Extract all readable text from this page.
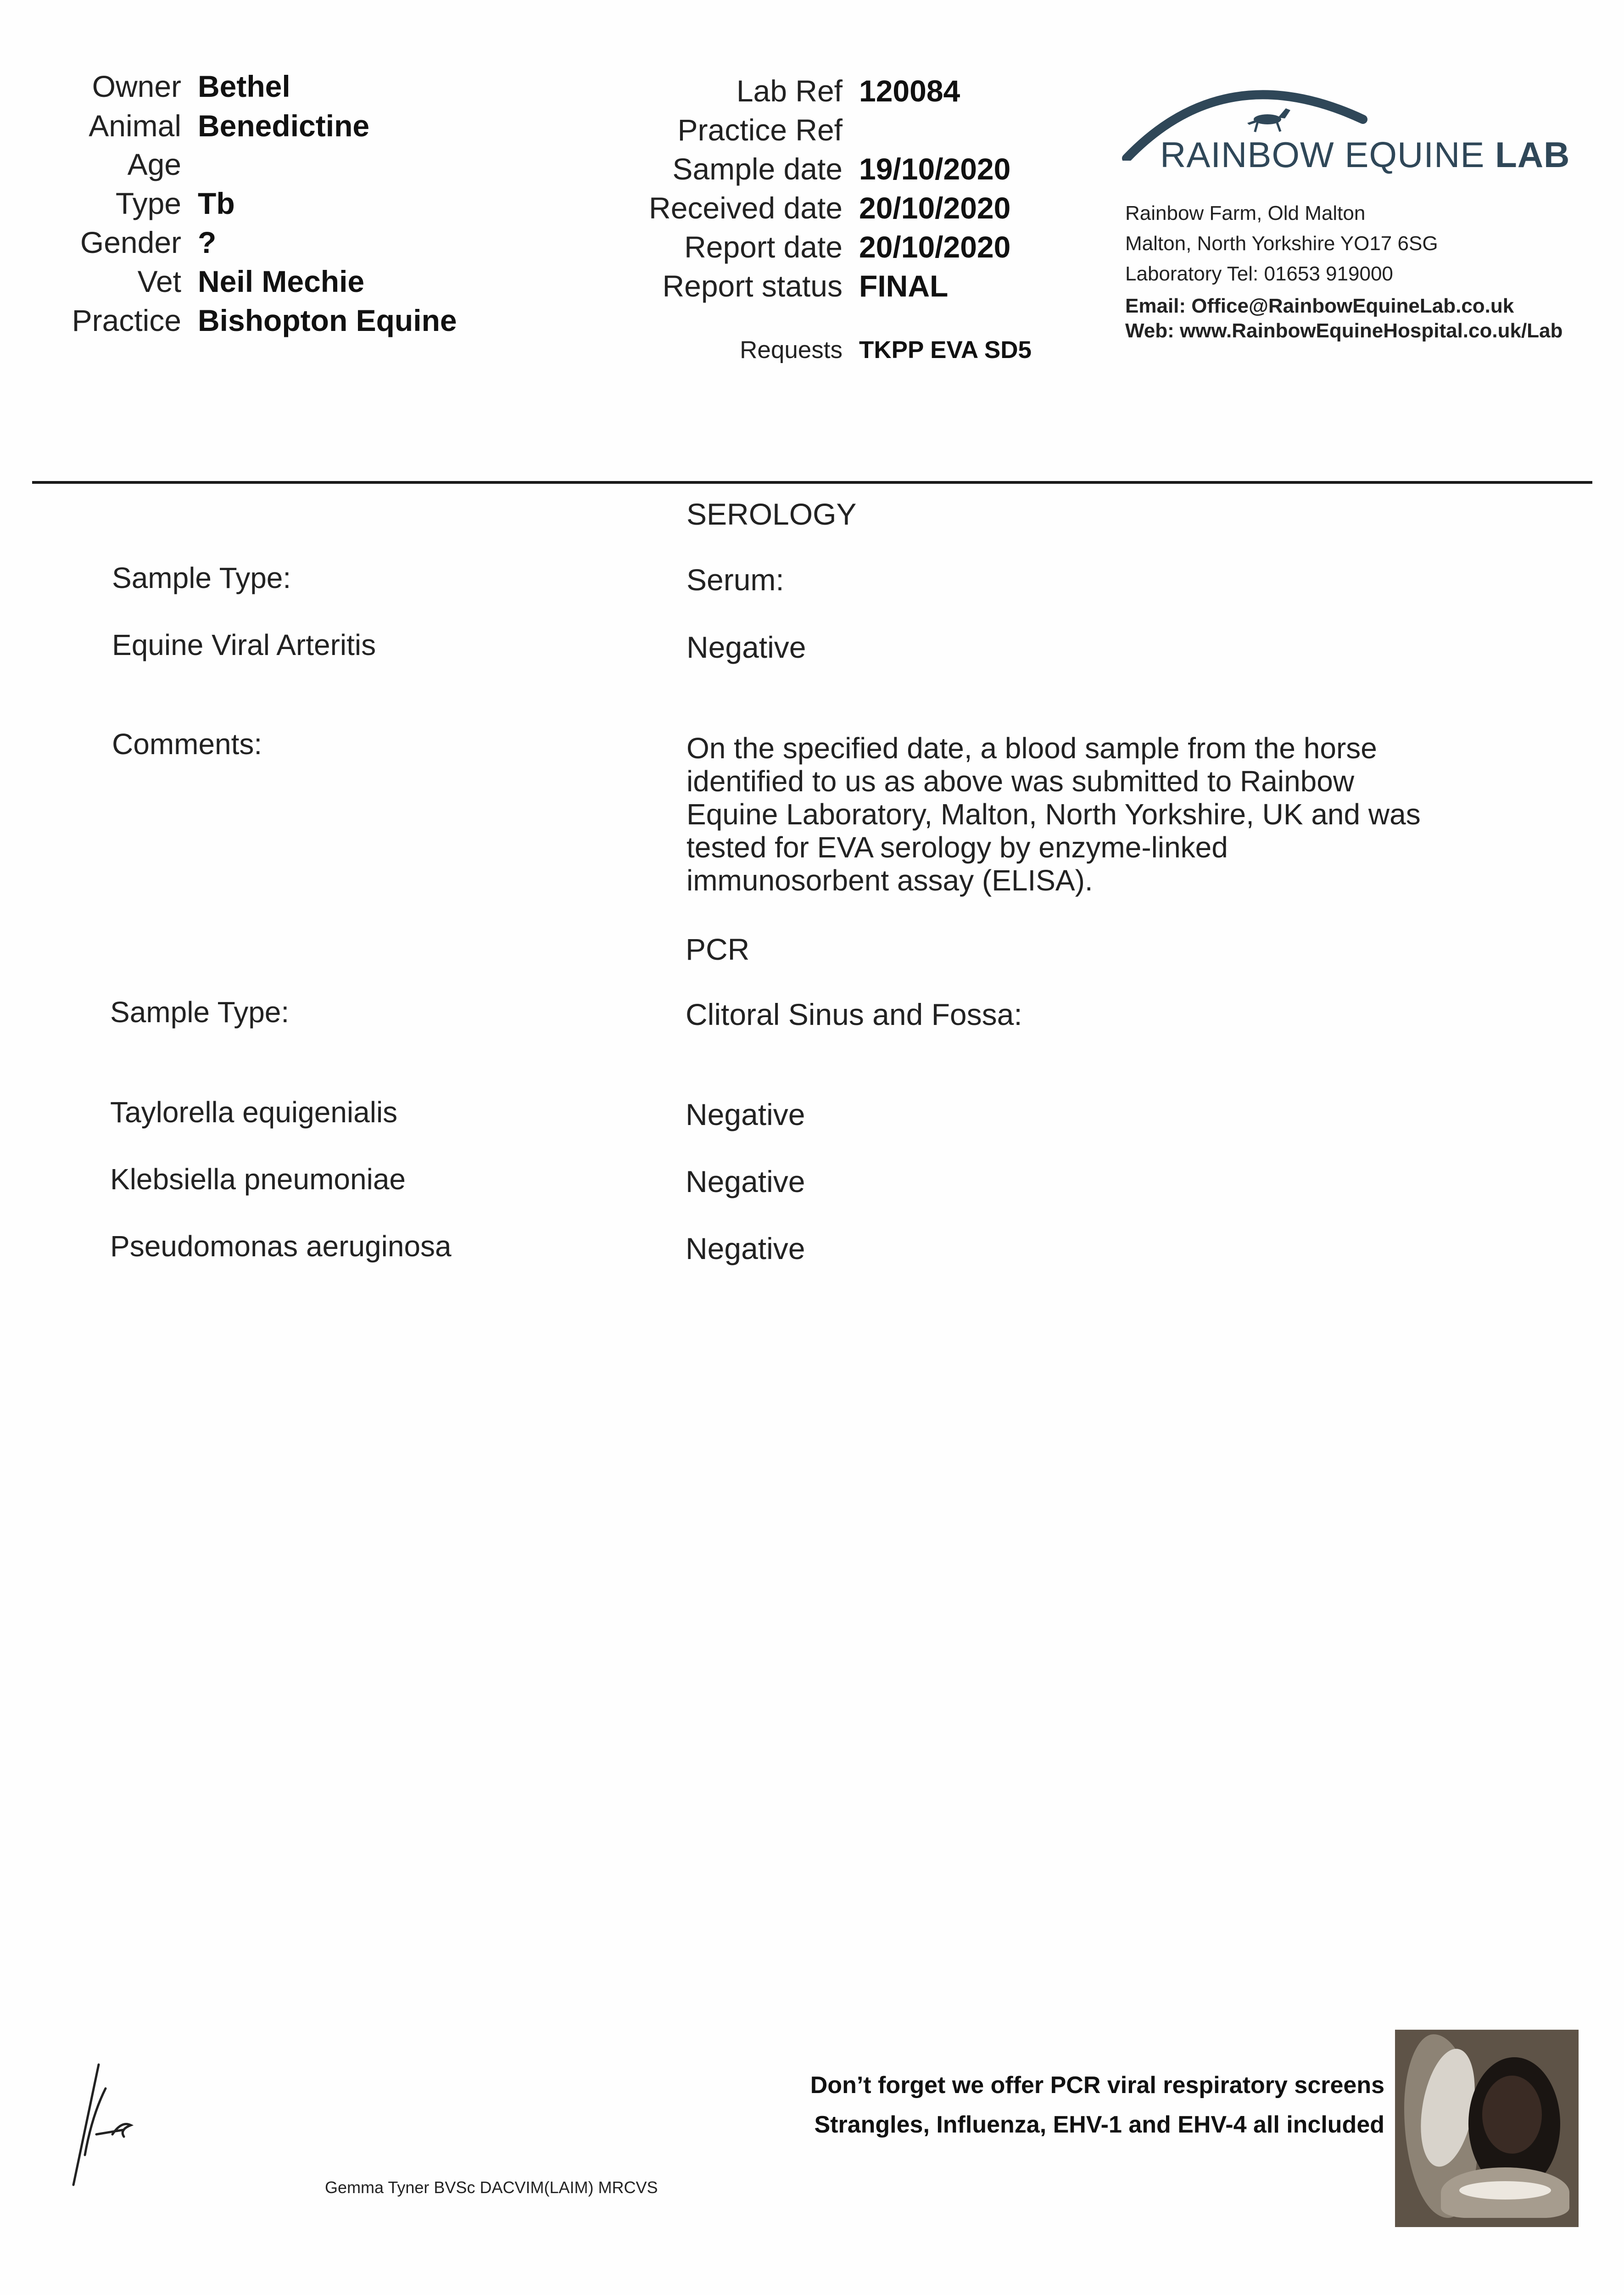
Owner Bethel
Animal Benedictine
Age
Type Tb
Gender ?
Vet Neil Mechie
Practice Bishopton Equine
Lab Ref 120084
Practice Ref
Sample date 19/10/2020
Received date 20/10/2020
Report date 20/10/2020
Report status FINAL
Requests TKPP EVA SD5
RAINBOW EQUINE LAB
Rainbow Farm, Old Malton
Malton, North Yorkshire YO17 6SG
Laboratory Tel: 01653 919000
Email: Office@RainbowEquineLab.co.uk
Web: www.RainbowEquineHospital.co.uk/Lab
SEROLOGY
Sample Type:	Serum:
Equine Viral Arteritis	Negative
Comments:	On the specified date, a blood sample from the horse identified to us as above was submitted to Rainbow Equine Laboratory, Malton, North Yorkshire, UK and was tested for EVA serology by enzyme-linked immunosorbent assay (ELISA).
PCR
Sample Type:	Clitoral Sinus and Fossa:
Taylorella equigenialis	Negative
Klebsiella pneumoniae	Negative
Pseudomonas aeruginosa	Negative
Gemma Tyner BVSc DACVIM(LAIM) MRCVS
Don’t forget we offer PCR viral respiratory screens
Strangles, Influenza, EHV-1 and EHV-4 all included
